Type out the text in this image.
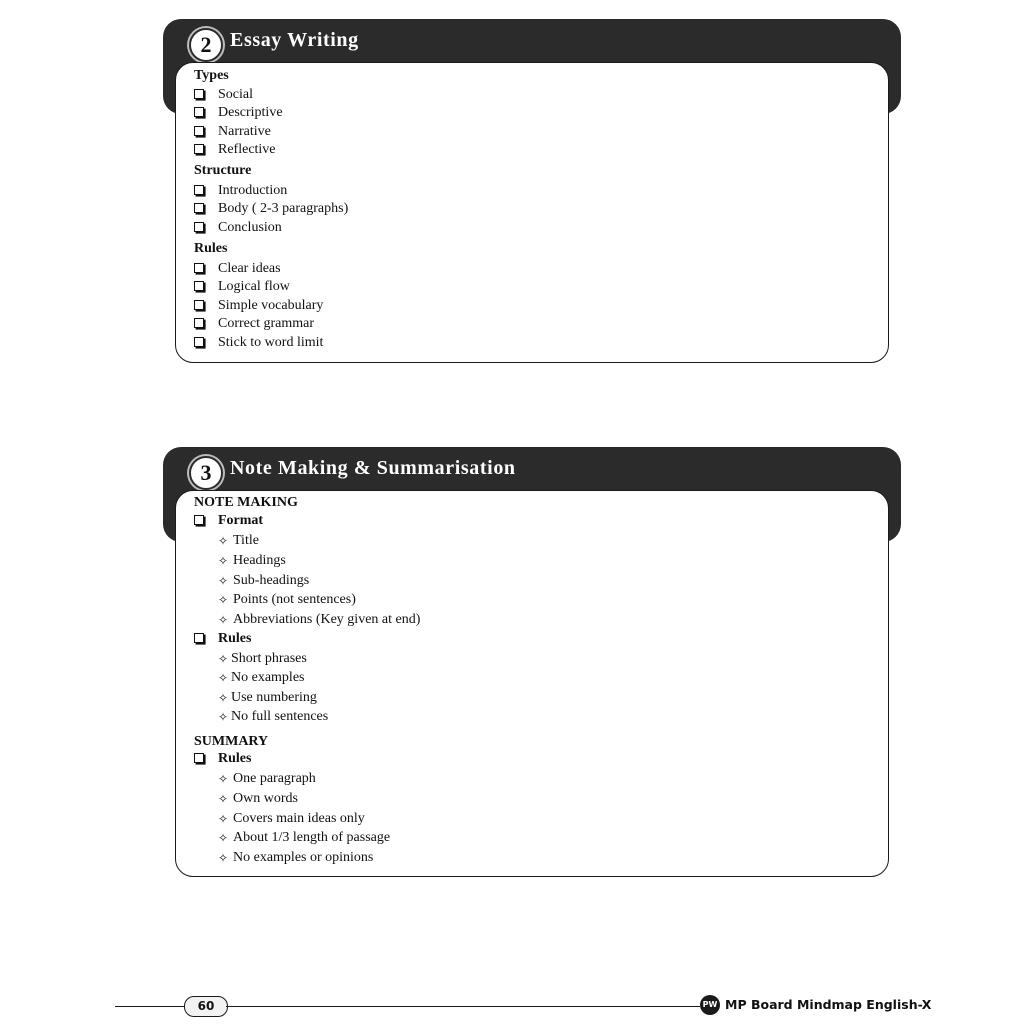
2 Essay Writing
Types
Social
Descriptive
Narrative
Reflective
Structure
Introduction
Body ( 2-3 paragraphs)
Conclusion
Rules
Clear ideas
Logical flow
Simple vocabulary
Correct grammar
Stick to word limit
3 Note Making & Summarisation
NOTE MAKING
Format
✧ Title
✧ Headings
✧ Sub-headings
✧ Points (not sentences)
✧ Abbreviations (Key given at end)
Rules
✧ Short phrases
✧ No examples
✧ Use numbering
✧ No full sentences
SUMMARY
Rules
✧ One paragraph
✧ Own words
✧ Covers main ideas only
✧ About 1/3 length of passage
✧ No examples or opinions
60	PW MP Board Mindmap English-X
